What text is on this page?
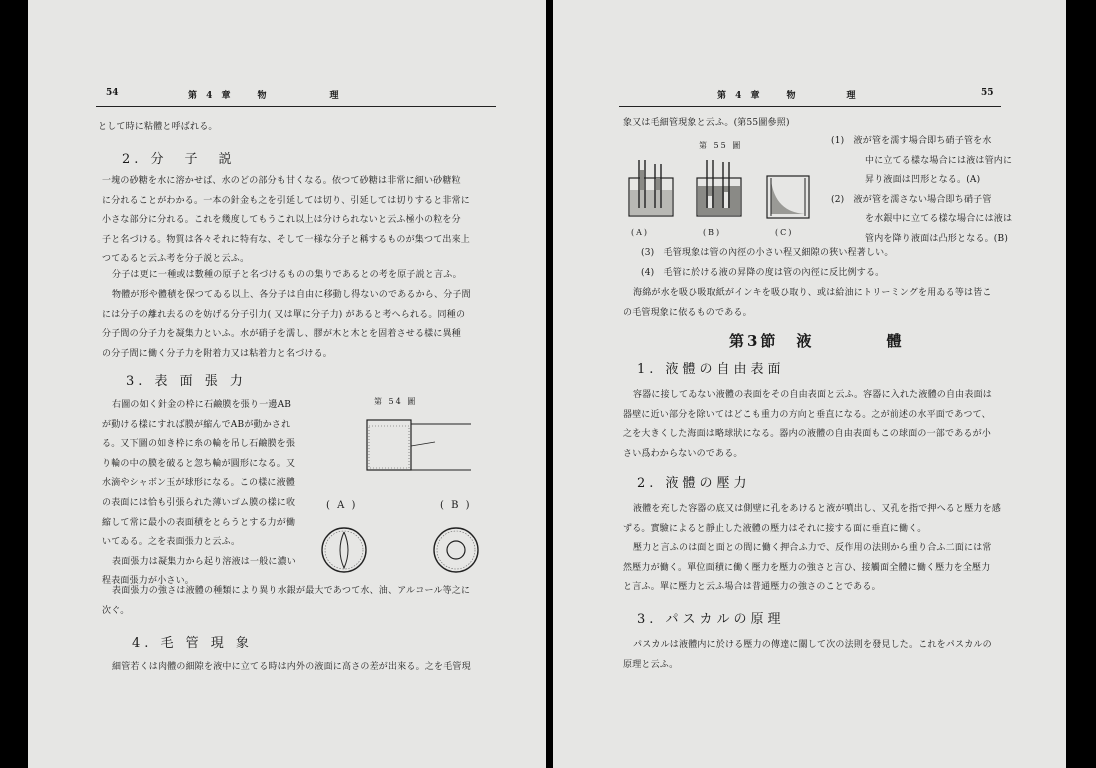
54	第 4 章　　物　　　　　理
として時に粘體と呼ばれる。
2. 分　子　説

一塊の砂糖を水に溶かせば、水のどの部分も甘くなる。依つて砂糖は非常に細い砂糖粒

に分れることがわかる。一本の針金も之を引延しては切り、引延しては切りすると非常に

小さな部分に分れる。これを幾度してもうこれ以上は分けられないと云ふ極小の粒を分

子と名づける。物質は各々それに特有な、そして一様な分子と稱するものが集つて出來上

つてゐると云ふ考を分子説と云ふ。

分子は更に一種或は數種の原子と名づけるものの集りであるとの考を原子説と言ふ。

物體が形や體積を保つてゐる以上、各分子は自由に移動し得ないのであるから、分子間

には分子の離れ去るのを妨げる分子引力( 又は單に分子力) があると考へられる。同種の

分子間の分子力を凝集力といふ。水が硝子を濡し、膠が木と木とを固着させる樣に異種

の分子間に働く分子力を附着力又は粘着力と名づける。

3. 表 面 張 力
第 54 圖
( A )	( B )

右圖の如く針金の枠に石鹼膜を張り一邊AB

が動ける樣にすれば膜が縮んでABが動かされ

る。又下圖の如き枠に糸の輪を吊し石鹼膜を張

り輪の中の膜を破ると忽ち輪が圓形になる。又

水滴やシャボン玉が球形になる。この樣に液體

の表面には恰も引張られた薄いゴム膜の樣に收

縮して常に最小の表面積をとらうとする力が働

いてゐる。之を表面張力と云ふ。

表面張力は凝集力から起り溶液は一般に濃い

程表面張力が小さい。

表面張力の強さは液體の種類により異り水銀が最大であつて水、油、アルコール等之に

次ぐ。

4. 毛 管 現 象

細管若くは肉體の細隙を液中に立てる時は内外の液面に高さの差が出來る。之を毛管現

第 4 章　　物　　　　理	55
象又は毛細管現象と云ふ。(第55圖參照)
第 55 圖
(A)	(B)	(C)

(1)　液が管を濡す場合即ち硝子管を水

中に立てる樣な場合には液は管内に

昇り液面は凹形となる。(A)

(2)　液が管を濡さない場合即ち硝子管

を水銀中に立てる樣な場合には液は

管内を降り液面は凸形となる。(B)

(3)　毛管現象は管の內徑の小さい程又細隙の狹い程著しい。

(4)　毛管に於ける液の昇降の度は管の內徑に反比例する。

海綿が水を吸ひ吸取紙がインキを吸ひ取り、或は給油にトリーミングを用ゐる等は皆こ

の毛管現象に依るものである。

第3節　液　　　　體
1. 液體の自由表面

容器に接してゐない液體の表面をその自由表面と云ふ。容器に入れた液體の自由表面は

器壁に近い部分を除いてはどこも重力の方向と垂直になる。之が前述の水平面であつて、

之を大きくした海面は略球狀になる。器内の液體の自由表面もこの球面の一部であるが小

さい爲わからないのである。

2. 液體の壓力

液體を充した容器の底又は側壁に孔をあけると液が噴出し、又孔を指で押へると壓力を感

ずる。實驗によると靜止した液體の壓力はそれに接する面に垂直に働く。

壓力と言ふのは面と面との間に働く押合ふ力で、反作用の法則から重り合ふ二面には常

然壓力が働く。單位面積に働く壓力を壓力の強さと言ひ、接觸面全體に働く壓力を全壓力

と言ふ。單に壓力と云ふ場合は普通壓力の強さのことである。

3. パスカルの原理

パスカルは液體内に於ける壓力の傳達に關して次の法則を發見した。これをパスカルの

原理と云ふ。
